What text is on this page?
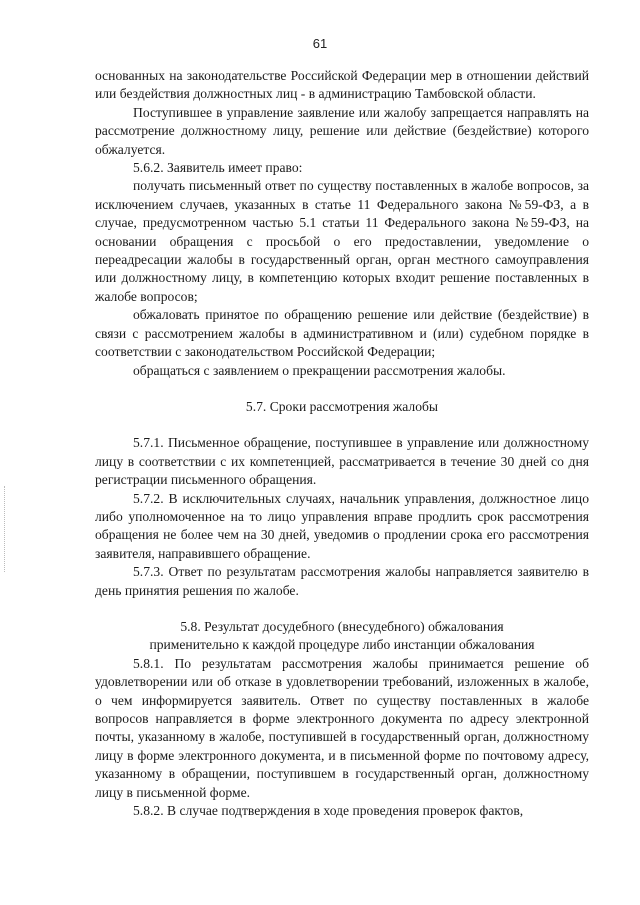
61

основанных на законодательстве Российской Федерации мер в отношении действий или бездействия должностных лиц - в администрацию Тамбовской области.

Поступившее в управление заявление или жалобу запрещается направлять на рассмотрение должностному лицу, решение или действие (бездействие) которого обжалуется.

5.6.2. Заявитель имеет право:

получать письменный ответ по существу поставленных в жалобе вопросов, за исключением случаев, указанных в статье 11 Федерального закона №59-ФЗ, а в случае, предусмотренном частью 5.1 статьи 11 Федерального закона №59-ФЗ, на основании обращения с просьбой о его предоставлении, уведомление о переадресации жалобы в государственный орган, орган местного самоуправления или должностному лицу, в компетенцию которых входит решение поставленных в жалобе вопросов;

обжаловать принятое по обращению решение или действие (бездействие) в связи с рассмотрением жалобы в административном и (или) судебном порядке в соответствии с законодательством Российской Федерации;

обращаться с заявлением о прекращении рассмотрения жалобы.

5.7. Сроки рассмотрения жалобы

5.7.1. Письменное обращение, поступившее в управление или должностному лицу в соответствии с их компетенцией, рассматривается в течение 30 дней со дня регистрации письменного обращения.

5.7.2. В исключительных случаях, начальник управления, должностное лицо либо уполномоченное на то лицо управления вправе продлить срок рассмотрения обращения не более чем на 30 дней, уведомив о продлении срока его рассмотрения заявителя, направившего обращение.

5.7.3. Ответ по результатам рассмотрения жалобы направляется заявителю в день принятия решения по жалобе.

5.8. Результат досудебного (внесудебного) обжалования

применительно к каждой процедуре либо инстанции обжалования

5.8.1. По результатам рассмотрения жалобы принимается решение об удовлетворении или об отказе в удовлетворении требований, изложенных в жалобе, о чем информируется заявитель. Ответ по существу поставленных в жалобе вопросов направляется в форме электронного документа по адресу электронной почты, указанному в жалобе, поступившей в государственный орган, должностному лицу в форме электронного документа, и в письменной форме по почтовому адресу, указанному в обращении, поступившем в государственный орган, должностному лицу в письменной форме.

5.8.2. В случае подтверждения в ходе проведения проверок фактов,
